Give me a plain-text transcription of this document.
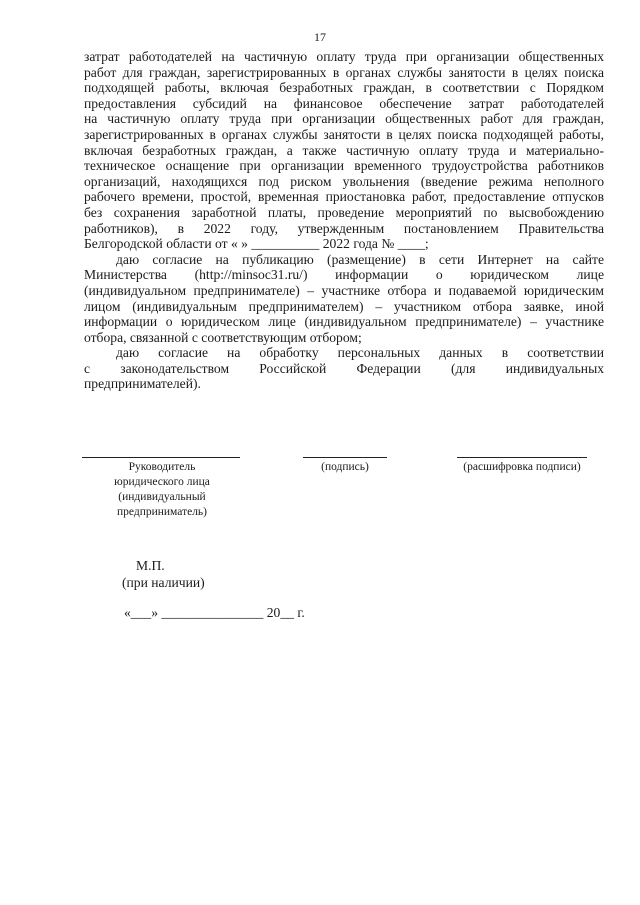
17
затрат работодателей на частичную оплату труда при организации общественных
работ для граждан, зарегистрированных в органах службы занятости в целях поиска
подходящей работы, включая безработных граждан, в соответствии с Порядком
предоставления субсидий на финансовое обеспечение затрат работодателей
на частичную оплату труда при организации общественных работ для граждан,
зарегистрированных в органах службы занятости в целях поиска подходящей работы,
включая безработных граждан, а также частичную оплату труда и материально-
техническое оснащение при организации временного трудоустройства работников
организаций, находящихся под риском увольнения (введение режима неполного
рабочего времени, простой, временная приостановка работ, предоставление отпусков
без сохранения заработной платы, проведение мероприятий по высвобождению
работников), в 2022 году, утвержденным постановлением Правительства
Белгородской области от « » __________ 2022 года № ____;
даю согласие на публикацию (размещение) в сети Интернет на сайте
Министерства (http://minsoc31.ru/) информации о юридическом лице
(индивидуальном предпринимателе) – участнике отбора и подаваемой юридическим
лицом (индивидуальным предпринимателем) – участником отбора заявке, иной
информации о юридическом лице (индивидуальном предпринимателе) – участнике
отбора, связанной с соответствующим отбором;
даю согласие на обработку персональных данных в соответствии
с законодательством Российской Федерации (для индивидуальных
предпринимателей).
Руководитель
юридического лица
(индивидуальный
предприниматель)
(подпись)	(расшифровка подписи)
М.П.
(при наличии)
«___» _______________ 20__ г.
